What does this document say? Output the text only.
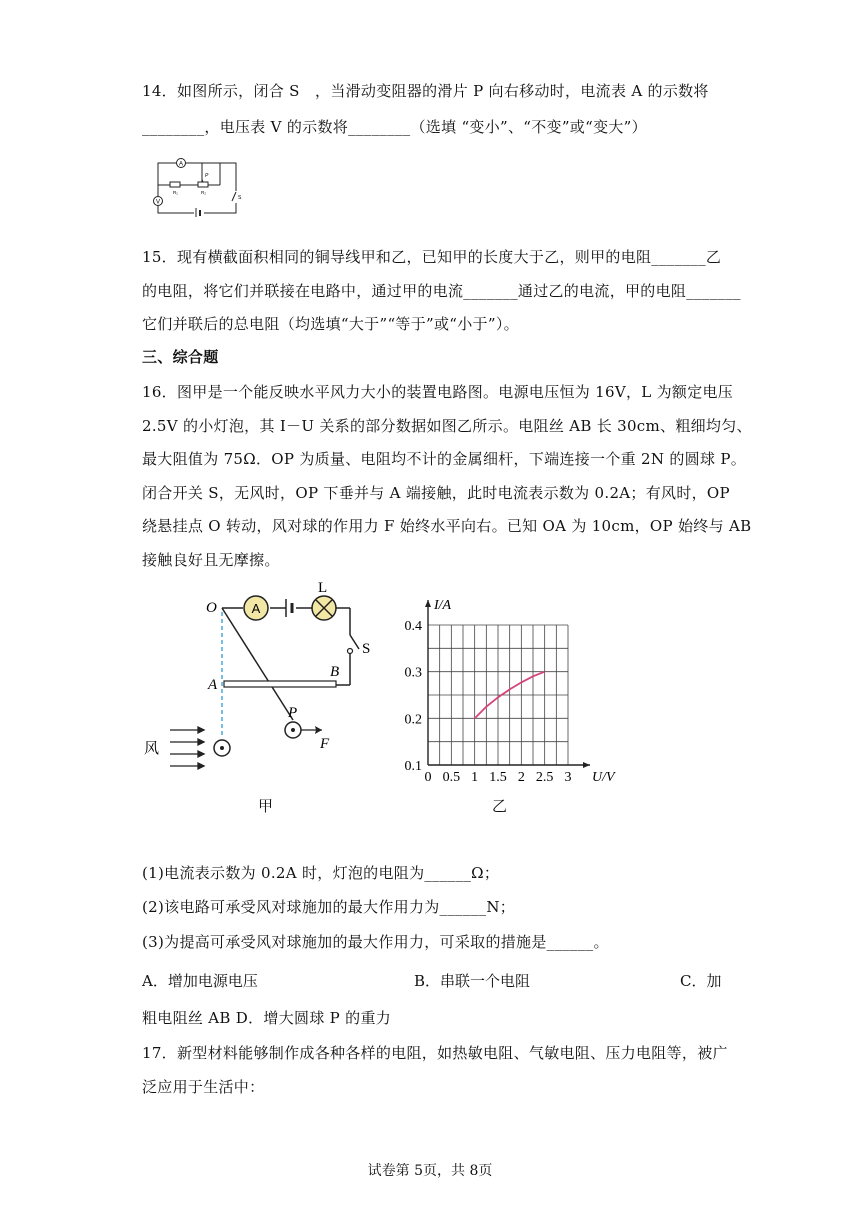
14．如图所示，闭合 S　，当滑动变阻器的滑片 P 向右移动时，电流表 A 的示数将
________，电压表 V 的示数将________（选填 “变小”、“不变”或“变大”）
A
V
R₁	R₂
P
S
15．现有横截面积相同的铜导线甲和乙，已知甲的长度大于乙，则甲的电阻_______乙
的电阻，将它们并联接在电路中，通过甲的电流_______通过乙的电流，甲的电阻_______
它们并联后的总电阻（均选填“大于”“等于”或“小于”）。
三、综合题
16．图甲是一个能反映水平风力大小的装置电路图。电源电压恒为 16V，L 为额定电压
2.5V 的小灯泡，其 I－U 关系的部分数据如图乙所示。电阻丝 AB 长 30cm、粗细均匀、
最大阻值为 75Ω．OP 为质量、电阻均不计的金属细杆，下端连接一个重 2N 的圆球 P。
闭合开关 S，无风时，OP 下垂并与 A 端接触，此时电流表示数为 0.2A；有风时，OP
绕悬挂点 O 转动，风对球的作用力 F 始终水平向右。已知 OA 为 10cm，OP 始终与 AB
接触良好且无摩擦。
A
L
S
B
A
O
P
F
风
甲
0 0.5 1 1.5 2 2.5 3
0.1
0.2
0.3
0.4
U/V
I/A
乙
(1)电流表示数为 0.2A 时，灯泡的电阻为______Ω；
(2)该电路可承受风对球施加的最大作用力为______N；
(3)为提高可承受风对球施加的最大作用力，可采取的措施是______。
A．增加电源电压	B．串联一个电阻	C．加
粗电阻丝 AB D．增大圆球 P 的重力
17．新型材料能够制作成各种各样的电阻，如热敏电阻、气敏电阻、压力电阻等，被广
泛应用于生活中：
试卷第 5页，共 8页
